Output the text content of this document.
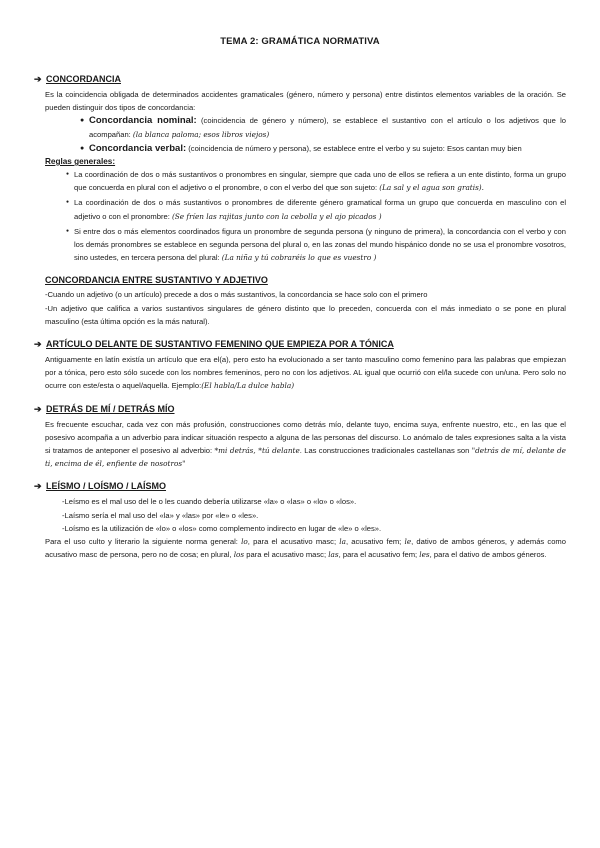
TEMA 2: GRAMÁTICA NORMATIVA
➔ CONCORDANCIA

Es la coincidencia obligada de determinados accidentes gramaticales (género, número y persona) entre distintos elementos variables de la oración. Se pueden distinguir dos tipos de concordancia:

● Concordancia nominal: (coincidencia de género y número), se establece el sustantivo con el artículo o los adjetivos que lo acompañan: (la blanca paloma; esos libros viejos)
● Concordancia verbal: (coincidencia de número y persona), se establece entre el verbo y su sujeto: Esos cantan muy bien
Reglas generales:
● La coordinación de dos o más sustantivos o pronombres en singular, siempre que cada uno de ellos se refiera a un ente distinto, forma un grupo que concuerda en plural con el adjetivo o el pronombre, o con el verbo del que son sujeto: (La sal y el agua son gratis).
● La coordinación de dos o más sustantivos o pronombres de diferente género gramatical forma un grupo que concuerda en masculino con el adjetivo o con el pronombre: (Se fríen las rajitas junto con la cebolla y el ajo picados )
● Si entre dos o más elementos coordinados figura un pronombre de segunda persona (y ninguno de primera), la concordancia con el verbo y con los demás pronombres se establece en segunda persona del plural o, en las zonas del mundo hispánico donde no se usa el pronombre vosotros, sino ustedes, en tercera persona del plural: (La niña y tú cobraréis lo que es vuestro )
CONCORDANCIA ENTRE SUSTANTIVO Y ADJETIVO

-Cuando un adjetivo (o un artículo) precede a dos o más sustantivos, la concordancia se hace solo con el primero

-Un adjetivo que califica a varios sustantivos singulares de género distinto que lo preceden, concuerda con el más inmediato o se pone en plural masculino (esta última opción es la más natural).

➔ ARTÍCULO DELANTE DE SUSTANTIVO FEMENINO QUE EMPIEZA POR A TÓNICA

Antiguamente en latín existía un artículo que era el(a), pero esto ha evolucionado a ser tanto masculino como femenino para las palabras que empiezan por a tónica, pero esto sólo sucede con los nombres femeninos, pero no con los adjetivos. AL igual que ocurrió con el/la sucede con un/una. Pero solo no ocurre con este/esta o aquel/aquella. Ejemplo:(El habla/La dulce habla)

➔ DETRÁS DE MÍ / DETRÁS MÍO

Es frecuente escuchar, cada vez con más profusión, construcciones como detrás mío, delante tuyo, encima suya, enfrente nuestro, etc., en las que el posesivo acompaña a un adverbio para indicar situación respecto a alguna de las personas del discurso. Lo anómalo de tales expresiones salta a la vista si tratamos de anteponer el posesivo al adverbio: *mi detrás, *tú delante. Las construcciones tradicionales castellanas son "detrás de mí, delante de ti, encima de él, enfiente de nosotros"

➔ LEÍSMO / LOÍSMO / LAÍSMO

-Leísmo es el mal uso del le o les cuando debería utilizarse «la» o «las» o «lo» o «los».

-Laísmo sería el mal uso del «la» y «las» por «le» o «les».

-Loísmo es la utilización de «lo» o «los» como complemento indirecto en lugar de «le» o «les».

Para el uso culto y literario la siguiente norma general: lo, para el acusativo masc; la, acusativo fem; le, dativo de ambos géneros, y además como acusativo masc de persona, pero no de cosa; en plural, los para el acusativo masc; las, para el acusativo fem; les, para el dativo de ambos géneros.
